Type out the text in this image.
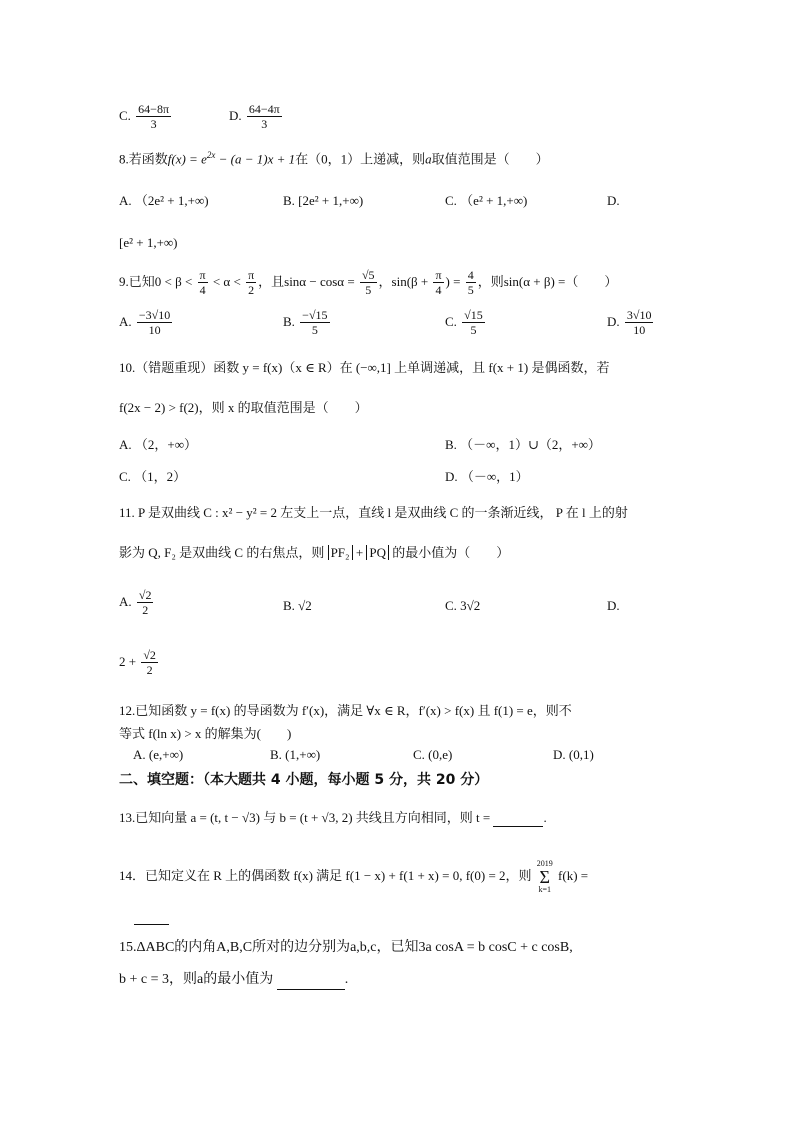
C. $\frac{64-8\pi}{3}$	D. $\frac{64-4\pi}{3}$
8.若函数$f(x) = e^{2x} - (a - 1)x + 1$在（0，1）上递减，则a取值范围是（　　）
A. （2e² + 1,+∞)	B. [2e² + 1,+∞)	C. （e² + 1,+∞)	D.
[e² + 1,+∞)
9.已知$0 < \beta < \frac{\pi}{4} < \alpha < \frac{\pi}{2}$ ，且$\sin\alpha - \cos\alpha = \frac{√5}{5}$ ，$\sin(\beta + \frac{\pi}{4}$ ) = $\frac{4}{5}$ ，则sin(α + β) =（　　）
A. $\frac{-3√10}{10}$	B. $\frac{-√15}{5}$	C. $\frac{√15}{5}$	D. $\frac{3√10}{10}$
10.（错题重现）函数 y = f(x)（x ∈ R）在 (−∞,1] 上单调递减，且 f(x + 1) 是偶函数，若
f(2x − 2) > f(2)，则 x 的取值范围是（　　）
A. （2，+∞）	B. （－∞，1）∪（2，+∞）
C. （1，2）	D. （－∞，1）
11. P 是双曲线 C : x² − y² = 2 左支上一点，直线 l 是双曲线 C 的一条渐近线， P 在 l 上的射
影为 Q, F₂ 是双曲线 C 的右焦点，则 PF₂ + PQ 的最小值为（　　）
A. $\frac{√2}{2}$	B. √2	C. 3√2	D.
$2 + \frac{√2}{2}$
12.已知函数 y = f(x) 的导函数为 f′(x)，满足 ∀x ∈ R，f′(x) > f(x) 且 f(1) = e，则不
等式 f(ln x) > x 的解集为(　　)
A. (e,+∞)	B. (1,+∞)	C. (0,e)	D. (0,1)
二、填空题：（本大题共 4 小题，每小题 5 分，共 20 分）
13.已知向量 a = (t, t − √3) 与 b = (t + √3, 2) 共线且方向相同，则 t =	.
14．已知定义在 R 上的偶函数 f(x) 满足 f(1 − x) + f(1 + x) = 0, f(0) = 2，则
2019
Σ
k=1
f(k) =

15.ΔABC的内角A,B,C所对的边分别为a,b,c，已知3a cosA = b cosC + c cosB,
b + c = 3，则a的最小值为	.
